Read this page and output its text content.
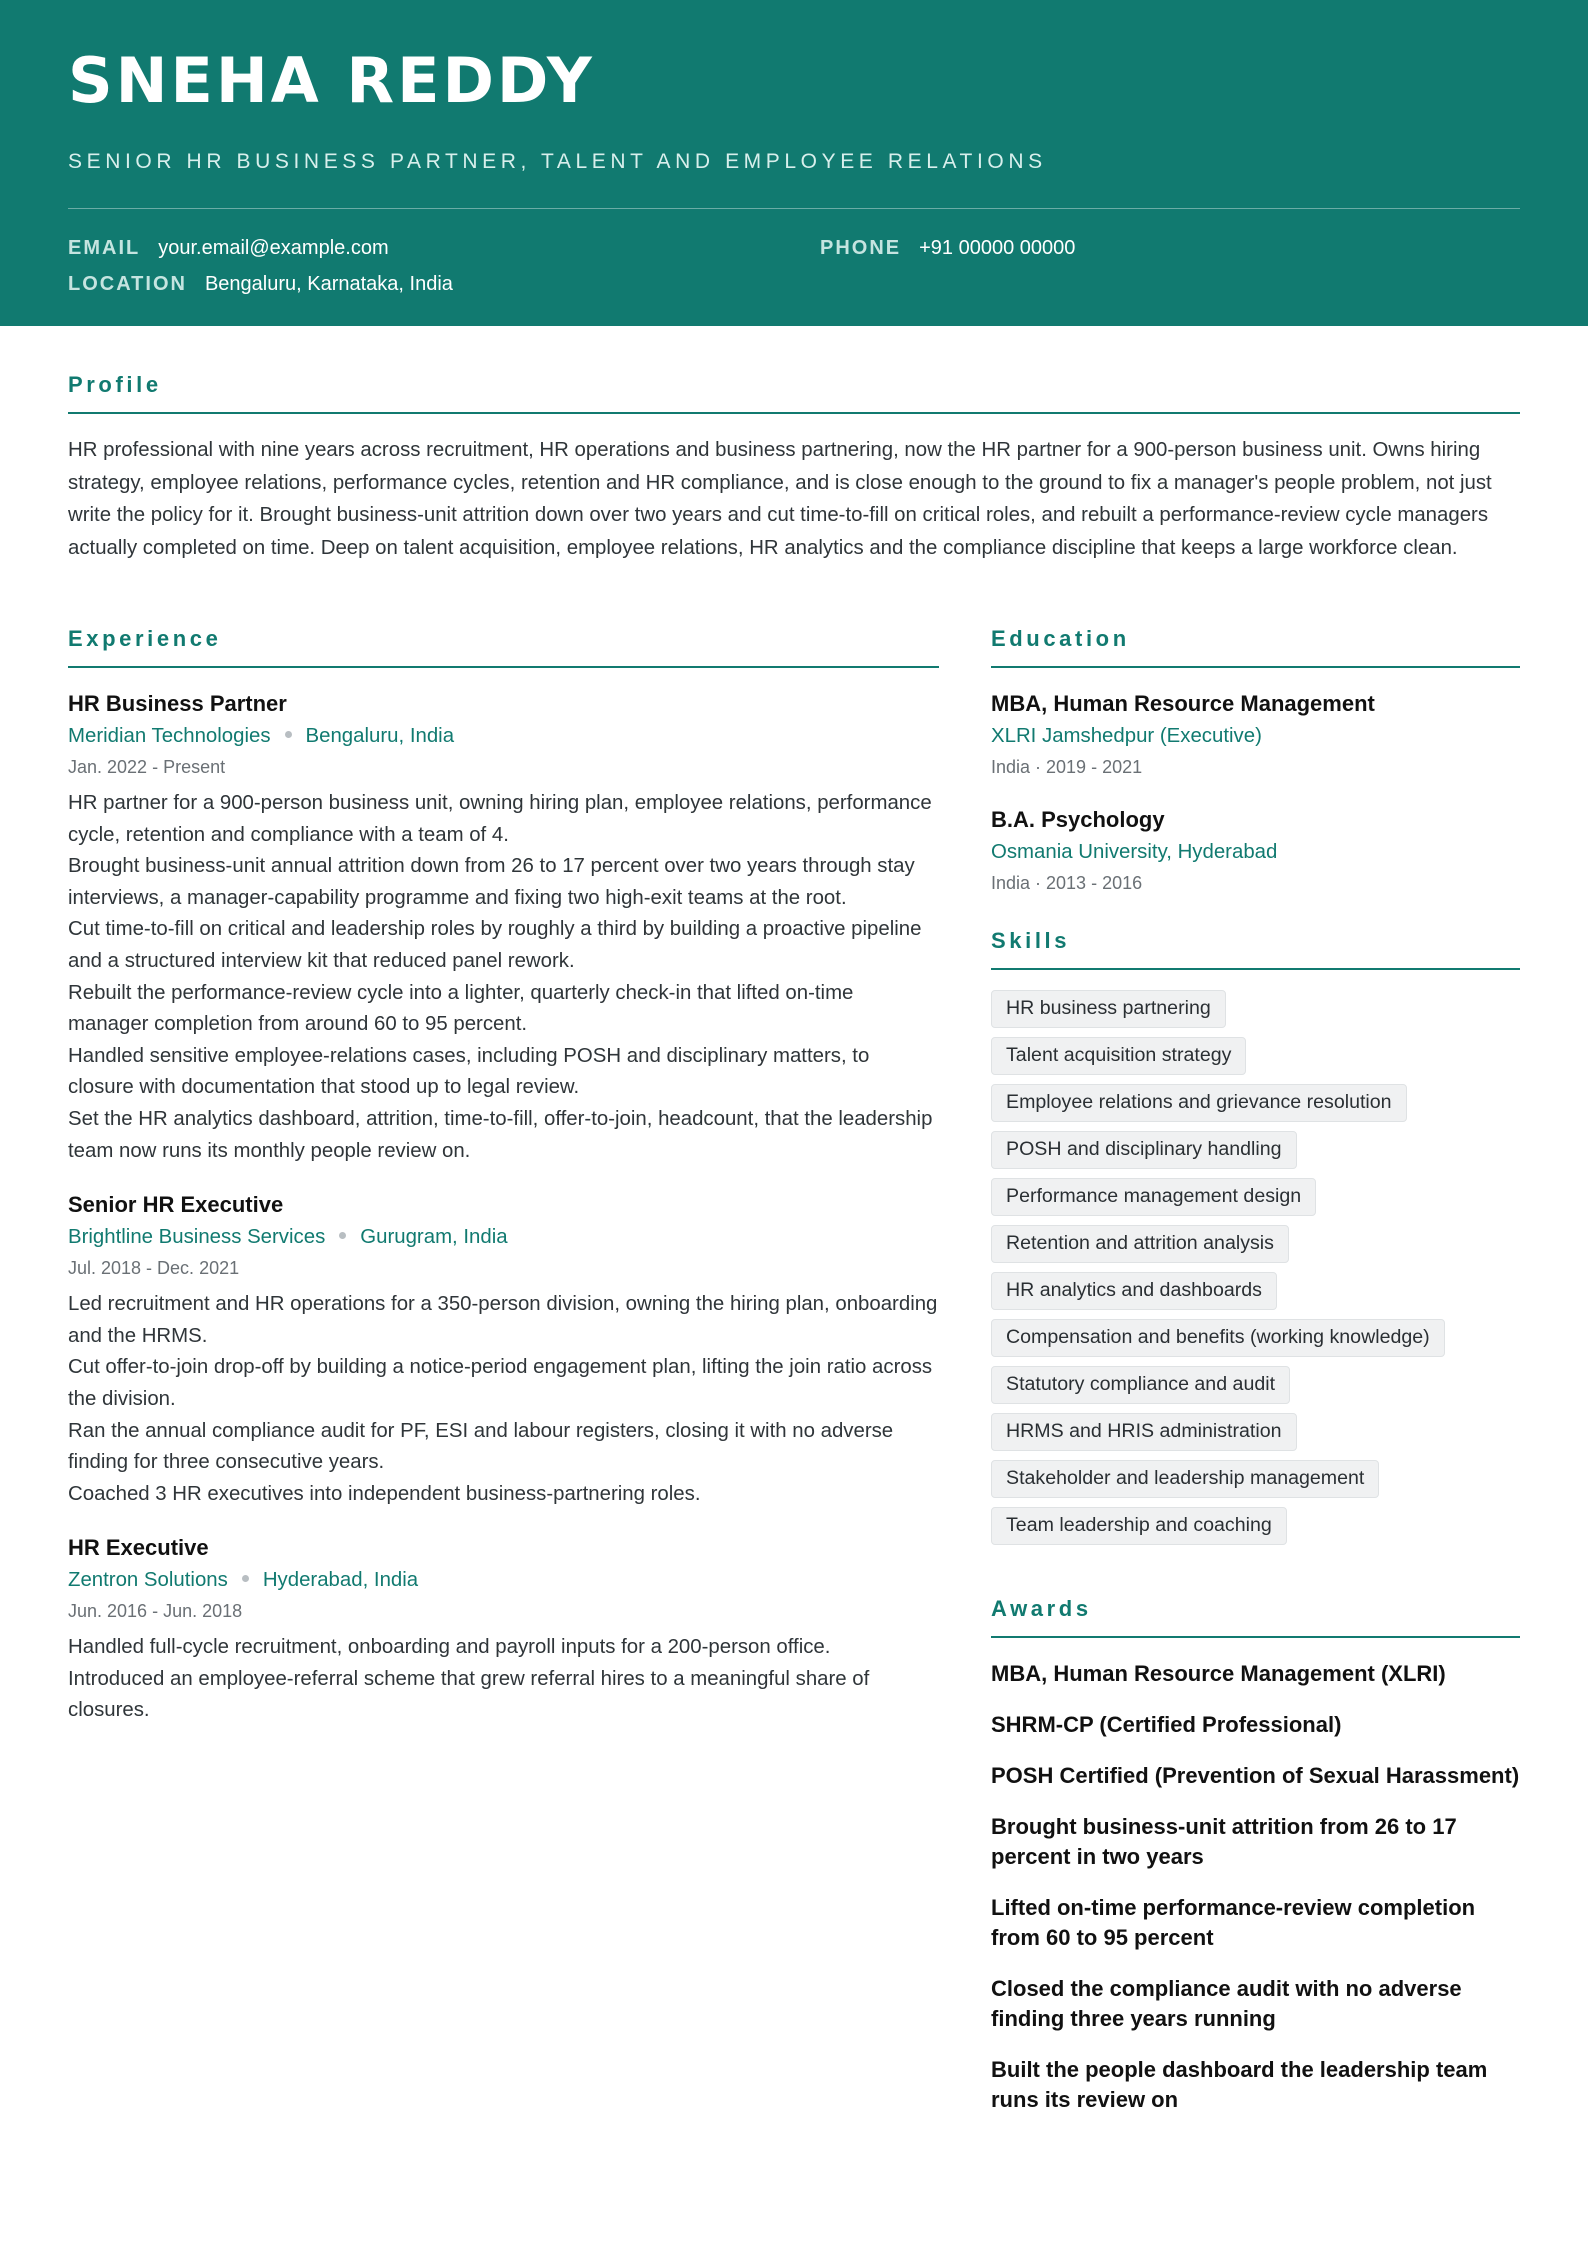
SNEHA REDDY
SENIOR HR BUSINESS PARTNER, TALENT AND EMPLOYEE RELATIONS
EMAIL your.email@example.com	PHONE +91 00000 00000
LOCATION Bengaluru, Karnataka, India
Profile
HR professional with nine years across recruitment, HR operations and business partnering, now the HR partner for a 900-person business unit. Owns hiring strategy, employee relations, performance cycles, retention and HR compliance, and is close enough to the ground to fix a manager's people problem, not just write the policy for it. Brought business-unit attrition down over two years and cut time-to-fill on critical roles, and rebuilt a performance-review cycle managers actually completed on time. Deep on talent acquisition, employee relations, HR analytics and the compliance discipline that keeps a large workforce clean.
Experience
HR Business Partner
Meridian Technologies Bengaluru, India
Jan. 2022 - Present
HR partner for a 900-person business unit, owning hiring plan, employee relations, performance cycle, retention and compliance with a team of 4.
Brought business-unit annual attrition down from 26 to 17 percent over two years through stay interviews, a manager-capability programme and fixing two high-exit teams at the root.
Cut time-to-fill on critical and leadership roles by roughly a third by building a proactive pipeline and a structured interview kit that reduced panel rework.
Rebuilt the performance-review cycle into a lighter, quarterly check-in that lifted on-time manager completion from around 60 to 95 percent.
Handled sensitive employee-relations cases, including POSH and disciplinary matters, to closure with documentation that stood up to legal review.
Set the HR analytics dashboard, attrition, time-to-fill, offer-to-join, headcount, that the leadership team now runs its monthly people review on.
Senior HR Executive
Brightline Business Services Gurugram, India
Jul. 2018 - Dec. 2021
Led recruitment and HR operations for a 350-person division, owning the hiring plan, onboarding and the HRMS.
Cut offer-to-join drop-off by building a notice-period engagement plan, lifting the join ratio across the division.
Ran the annual compliance audit for PF, ESI and labour registers, closing it with no adverse finding for three consecutive years.
Coached 3 HR executives into independent business-partnering roles.
HR Executive
Zentron Solutions Hyderabad, India
Jun. 2016 - Jun. 2018
Handled full-cycle recruitment, onboarding and payroll inputs for a 200-person office.
Introduced an employee-referral scheme that grew referral hires to a meaningful share of closures.
Education
MBA, Human Resource Management
XLRI Jamshedpur (Executive)
India · 2019 - 2021
B.A. Psychology
Osmania University, Hyderabad
India · 2013 - 2016
Skills
HR business partnering
Talent acquisition strategy
Employee relations and grievance resolution
POSH and disciplinary handling
Performance management design
Retention and attrition analysis
HR analytics and dashboards
Compensation and benefits (working knowledge)
Statutory compliance and audit
HRMS and HRIS administration
Stakeholder and leadership management
Team leadership and coaching
Awards
MBA, Human Resource Management (XLRI)
SHRM-CP (Certified Professional)
POSH Certified (Prevention of Sexual Harassment)
Brought business-unit attrition from 26 to 17 percent in two years
Lifted on-time performance-review completion from 60 to 95 percent
Closed the compliance audit with no adverse finding three years running
Built the people dashboard the leadership team runs its review on
